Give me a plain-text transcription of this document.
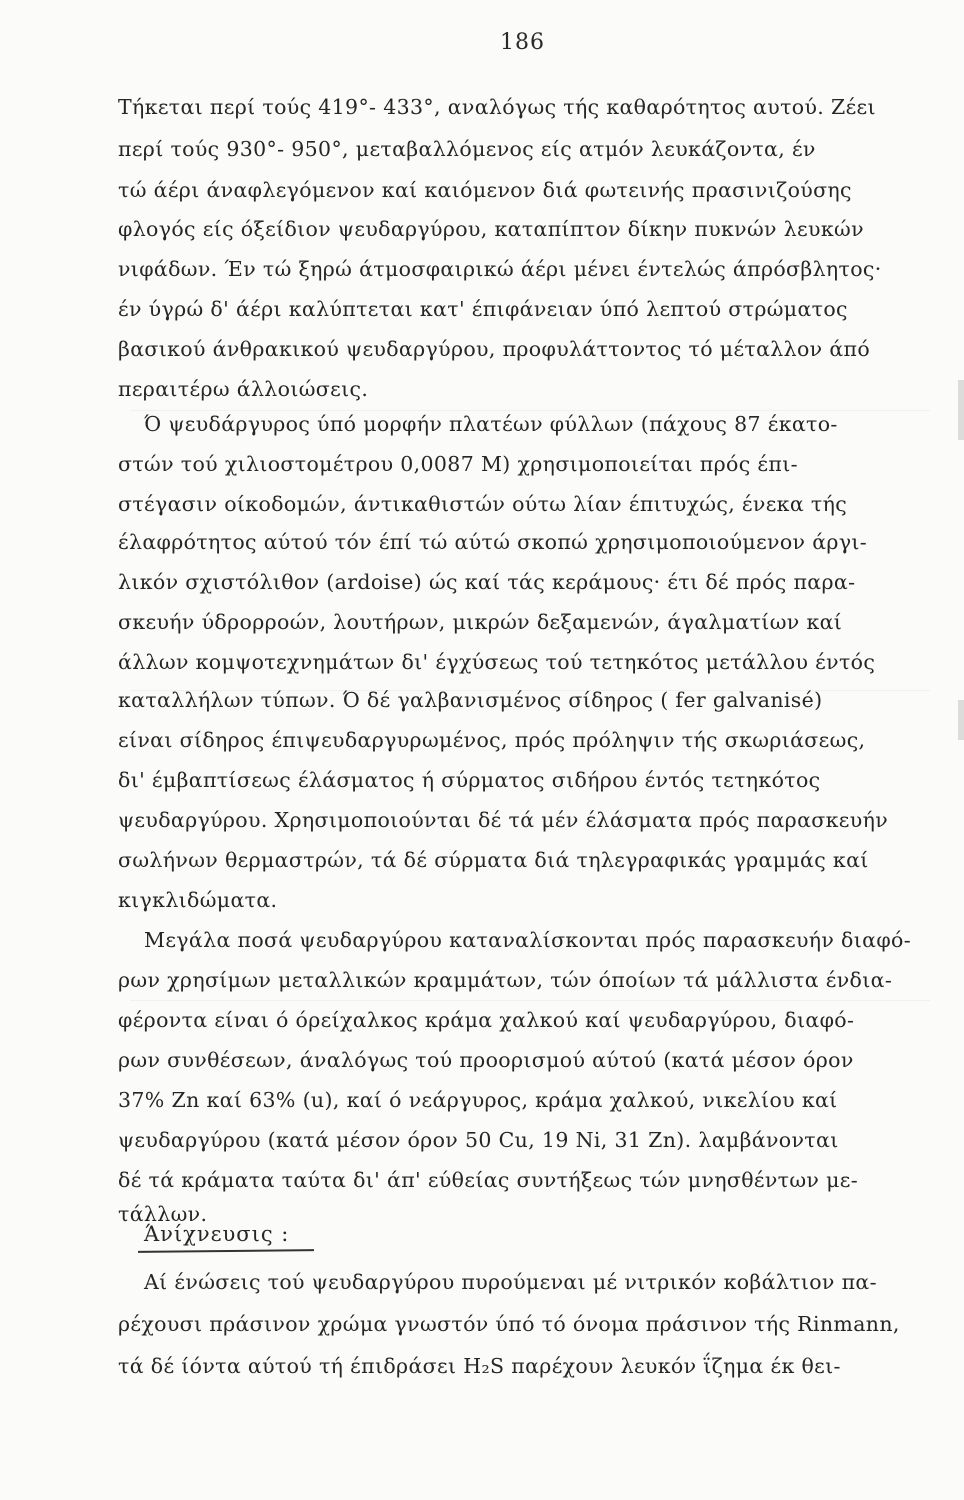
186
Τήκεται περί τούς 419°- 433°, αναλόγως τής καθαρότητος αυτού. Ζέει
περί τούς 930°- 950°, μεταβαλλόμενος είς ατμόν λευκάζοντα, έν
τώ άέρι άναφλεγόμενον καί καιόμενον διά φωτεινής πρασινιζούσης
φλογός είς όξείδιον ψευδαργύρου, καταπίπτον δίκην πυκνών λευκών
νιφάδων. Έν τώ ξηρώ άτμοσφαιρικώ άέρι μένει έντελώς άπρόσβλητος·
έν ύγρώ δ' άέρι καλύπτεται κατ' έπιφάνειαν ύπό λεπτού στρώματος
βασικού άνθρακικού ψευδαργύρου, προφυλάττοντος τό μέταλλον άπό
περαιτέρω άλλοιώσεις.
Ό ψευδάργυρος ύπό μορφήν πλατέων φύλλων (πάχους 87 έκατο-
στών τού χιλιοστομέτρου 0,0087 M) χρησιμοποιείται πρός έπι-
στέγασιν οίκοδομών, άντικαθιστών ούτω λίαν έπιτυχώς, ένεκα τής
έλαφρότητος αύτού τόν έπί τώ αύτώ σκοπώ χρησιμοποιούμενον άργι-
λικόν σχιστόλιθον (ardoise) ώς καί τάς κεράμους· έτι δέ πρός παρα-
σκευήν ύδρορροών, λουτήρων, μικρών δεξαμενών, άγαλματίων καί
άλλων κομψοτεχνημάτων δι' έγχύσεως τού τετηκότος μετάλλου έντός
καταλλήλων τύπων. Ό δέ γαλβανισμένος σίδηρος ( fer galvanisé)
είναι σίδηρος έπιψευδαργυρωμένος, πρός πρόληψιν τής σκωριάσεως,
δι' έμβαπτίσεως έλάσματος ή σύρματος σιδήρου έντός τετηκότος
ψευδαργύρου. Χρησιμοποιούνται δέ τά μέν έλάσματα πρός παρασκευήν
σωλήνων θερμαστρών, τά δέ σύρματα διά τηλεγραφικάς γραμμάς καί
κιγκλιδώματα.
Μεγάλα ποσά ψευδαργύρου καταναλίσκονται πρός παρασκευήν διαφό-
ρων χρησίμων μεταλλικών κραμμάτων, τών όποίων τά μάλλιστα ένδια-
φέροντα είναι ό όρείχαλκος κράμα χαλκού καί ψευδαργύρου, διαφό-
ρων συνθέσεων, άναλόγως τού προορισμού αύτού (κατά μέσον όρον
37% Zn καί 63% (u), καί ό νεάργυρος, κράμα χαλκού, νικελίου καί
ψευδαργύρου (κατά μέσον όρον 50 Cu, 19 Ni, 31 Zn). λαμβάνονται
δέ τά κράματα ταύτα δι' άπ' εύθείας συντήξεως τών μνησθέντων με-
τάλλων.
Άνίχνευσις :
Αί ένώσεις τού ψευδαργύρου πυρούμεναι μέ νιτρικόν κοβάλτιον πα-
ρέχουσι πράσινον χρώμα γνωστόν ύπό τό όνομα πράσινον τής Rinmann,
τά δέ ίόντα αύτού τή έπιδράσει H₂S παρέχουν λευκόν ΐζημα έκ θει-
